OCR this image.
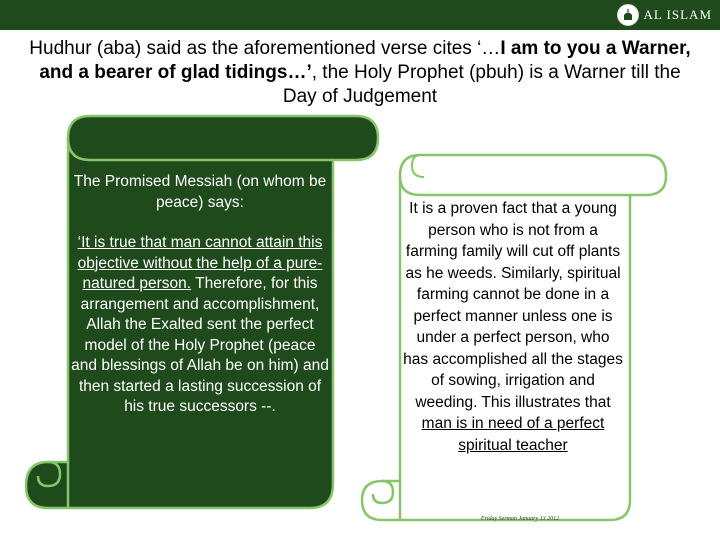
AL ISLAM
Hudhur (aba) said as the aforementioned verse cites ‘…I am to you a Warner, and a bearer of glad tidings…’, the Holy Prophet (pbuh) is a Warner till the Day of Judgement

The Promised Messiah (on whom be peace) says:

‘It is true that man cannot attain this objective without the help of a pure-natured person. Therefore, for this arrangement and accomplishment, Allah the Exalted sent the perfect model of the Holy Prophet (peace and blessings of Allah be on him) and then started a lasting succession of his true successors --.

It is a proven fact that a young person who is not from a farming family will cut off plants as he weeds. Similarly, spiritual farming cannot be done in a perfect manner unless one is under a perfect person, who has accomplished all the stages of sowing, irrigation and weeding. This illustrates that man is in need of a perfect spiritual teacher
Friday Sermon January 13 2012
